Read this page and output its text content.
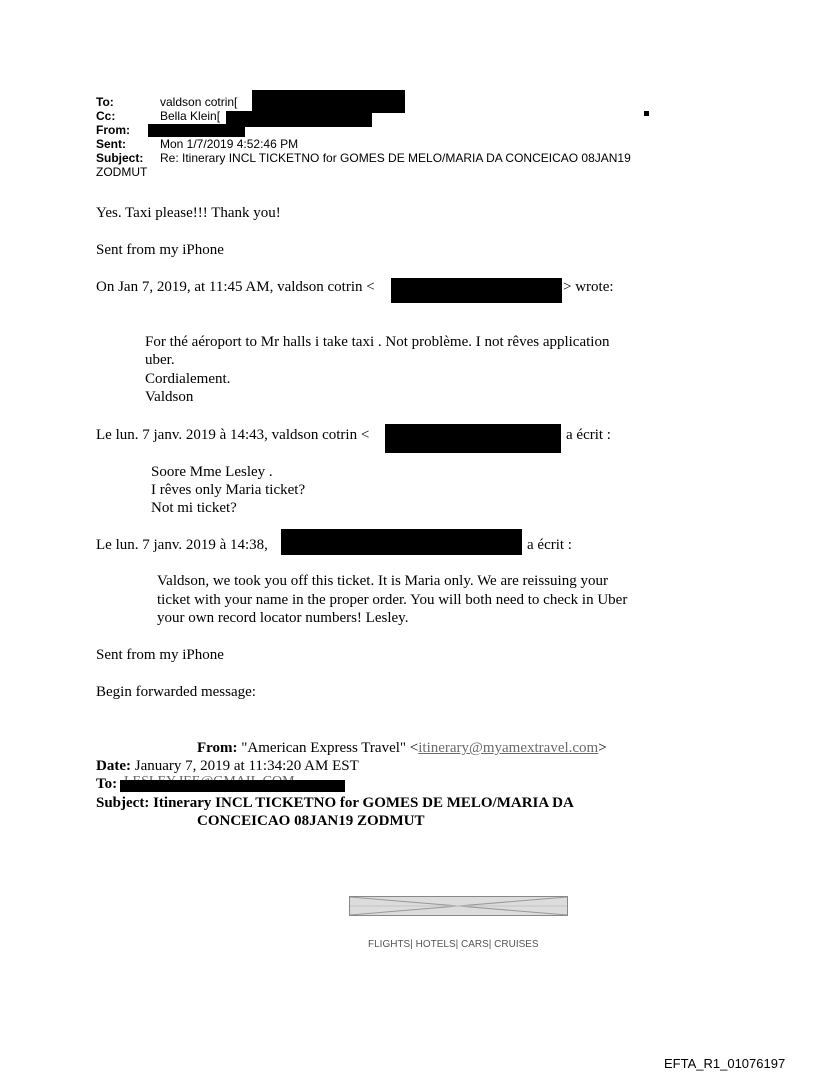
To:	valdson cotrin[
Cc:	Bella Klein[
From:
Sent:	Mon 1/7/2019 4:52:46 PM
Subject: Re: Itinerary INCL TICKETNO for GOMES DE MELO/MARIA DA CONCEICAO 08JAN19
ZODMUT
Yes. Taxi please!!! Thank you!
Sent from my iPhone
On Jan 7, 2019, at 11:45 AM, valdson cotrin <	> wrote:
For thé aéroport to Mr halls i take taxi . Not problème. I not rêves application
uber.
Cordialement.
Valdson
Le lun. 7 janv. 2019 à 14:43, valdson cotrin <	a écrit :
Soore Mme Lesley .
I rêves only Maria ticket?
Not mi ticket?
Le lun. 7 janv. 2019 à 14:38,	a écrit :
Valdson, we took you off this ticket. It is Maria only. We are reissuing your
ticket with your name in the proper order. You will both need to check in Uber
your own record locator numbers! Lesley.
Sent from my iPhone
Begin forwarded message:
From: "American Express Travel" <itinerary@myamextravel.com>
Date: January 7, 2019 at 11:34:20 AM EST
To:
Subject: Itinerary INCL TICKETNO for GOMES DE MELO/MARIA DA
CONCEICAO 08JAN19 ZODMUT
FLIGHTS| HOTELS| CARS| CRUISES
EFTA_R1_01076197
